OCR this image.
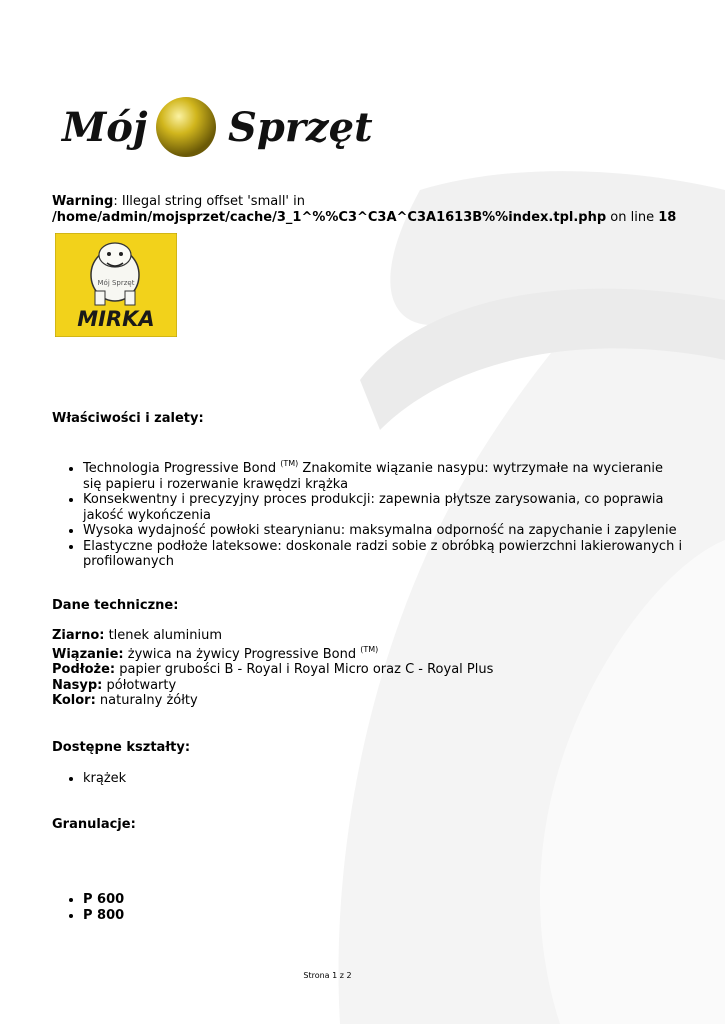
Mój Sprzęt
Warning: Illegal string offset 'small' in
/home/admin/mojsprzet/cache/3_1^%%C3^C3A^C3A1613B%%index.tpl.php on line 18
Mój Sprzęt
MIRKA
Właściwości i zalety:
• Technologia Progressive Bond $^{(TM)}$ Znakomite wiązanie nasypu: wytrzymałe na wycieranie się papieru i rozerwanie krawędzi krążka
• Konsekwentny i precyzyjny proces produkcji: zapewnia płytsze zarysowania, co poprawia jakość wykończenia
• Wysoka wydajność powłoki stearynianu: maksymalna odporność na zapychanie i zapylenie
• Elastyczne podłoże lateksowe: doskonale radzi sobie z obróbką powierzchni lakierowanych i profilowanych
Dane techniczne:
Ziarno: tlenek aluminium
Wiązanie: żywica na żywicy Progressive Bond $^{(TM)}$
Podłoże: papier grubości B - Royal i Royal Micro oraz C - Royal Plus
Nasyp: półotwarty
Kolor: naturalny żółty
Dostępne kształty:
• krążek
Granulacje:
• P 600
• P 800
Strona 1 z 2
